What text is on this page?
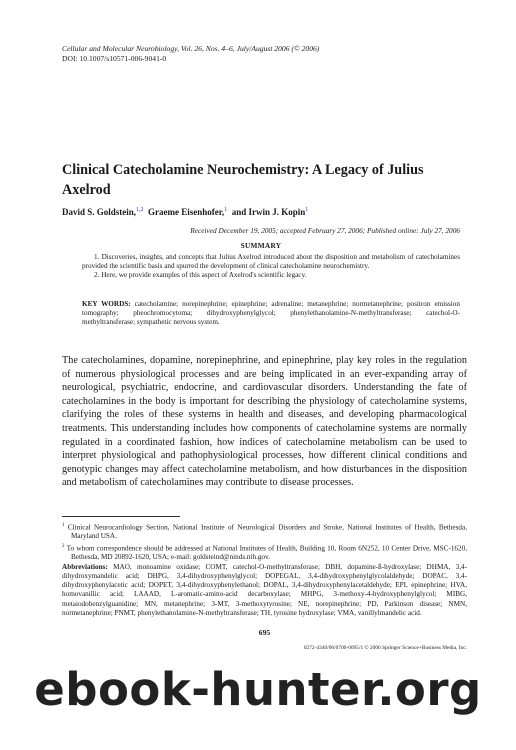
Cellular and Molecular Neurobiology, Vol. 26, Nos. 4–6, July/August 2006 (© 2006)
DOI: 10.1007/s10571-006-9041-0
Clinical Catecholamine Neurochemistry: A Legacy of Julius Axelrod
David S. Goldstein,$^{1,2}$ Graeme Eisenhofer,$^1$ and Irwin J. Kopin$^1$
Received December 19, 2005; accepted February 27, 2006; Published online: July 27, 2006
SUMMARY

1. Discoveries, insights, and concepts that Julius Axelrod introduced about the disposition and metabolism of catecholamines provided the scientific basis and spurred the development of clinical catecholamine neurochemistry.

2. Here, we provide examples of this aspect of Axelrod's scientific legacy.

KEY WORDS: catecholamine; norepinephrine; epinephrine; adrenaline; metanephrine; normetanephrine; positron emission tomography; pheochromocytoma; dihydroxyphenylglycol; phenylethanolamine-N-methyltransferase; catechol-O-methyltransferase; sympathetic nervous system.

The catecholamines, dopamine, norepinephrine, and epinephrine, play key roles in the regulation of numerous physiological processes and are being implicated in an ever-expanding array of neurological, psychiatric, endocrine, and cardiovascular disorders. Understanding the fate of catecholamines in the body is important for describing the physiology of catecholamine systems, clarifying the roles of these systems in health and diseases, and developing pharmacological treatments. This understanding includes how components of catecholamine systems are normally regulated in a coordinated fashion, how indices of catecholamine metabolism can be used to interpret physiological and pathophysiological processes, how different clinical conditions and genotypic changes may affect catecholamine metabolism, and how disturbances in the disposition and metabolism of catecholamines may contribute to disease processes.

$^1$ Clinical Neurocardiology Section, National Institute of Neurological Disorders and Stroke, National Institutes of Health, Bethesda, Maryland USA.

$^2$ To whom correspondence should be addressed at National Institutes of Health, Building 10, Room 6N252, 10 Center Drive, MSC-1620, Bethesda, MD 20892-1620, USA; e-mail: goldsteind@ninds.nih.gov.

Abbreviations: MAO, monoamine oxidase; COMT, catechol-O-methyltransferase; DBH, dopamine-ß-hydroxylase; DHMA, 3,4-dihydroxymandelic acid; DHPG, 3,4-dihydroxyphenylglycol; DOPEGAL, 3,4-dihydroxyphenylglycolaldehyde; DOPAC, 3,4-dihydroxyphenylacetic acid; DOPET, 3,4-dihydroxyphenylethanol; DOPAL, 3,4-dihydroxyphenylacetaldehyde; EPI, epinephrine; HVA, homovanillic acid; LAAAD, L-aromatic-amino-acid decarboxylase; MHPG, 3-methoxy-4-hydroxyphenylglycol; MIBG, metaiodobenzylguanidine; MN, metanephrine; 3-MT, 3-methoxytyrosine; NE, norepinephrine; PD, Parkinson disease; NMN, normetanephrine; PNMT, phenylethanolamine-N-methyltransferase; TH, tyrosine hydroxylase; VMA, vanillylmandelic acid.

695
0272-4340/06/0700-0695/1 © 2006 Springer Science+Business Media, Inc.
ebook-hunter.org
